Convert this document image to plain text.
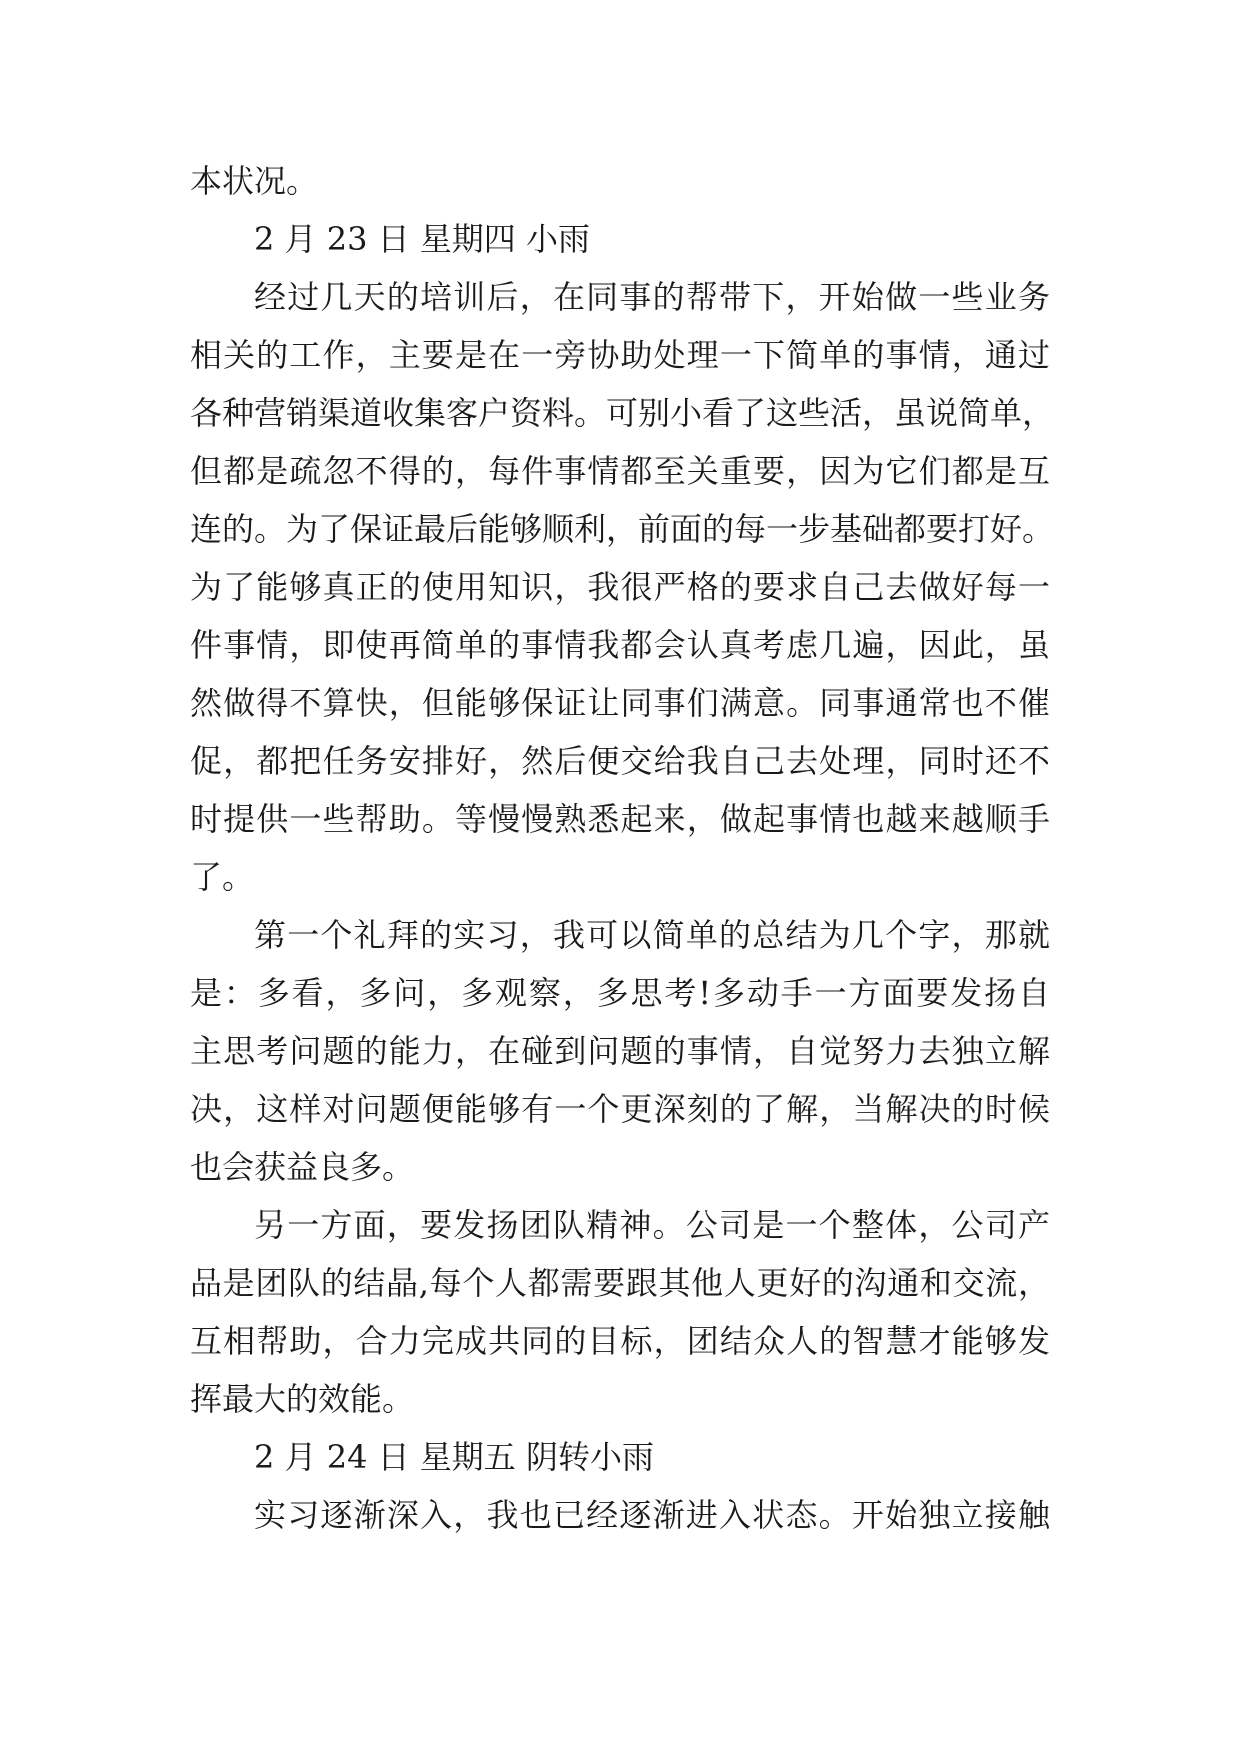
本状况。
2 月 23 日 星期四 小雨
经过几天的培训后，在同事的帮带下，开始做一些业务
相关的工作，主要是在一旁协助处理一下简单的事情，通过
各种营销渠道收集客户资料。可别小看了这些活，虽说简单，
但都是疏忽不得的，每件事情都至关重要，因为它们都是互
连的。为了保证最后能够顺利，前面的每一步基础都要打好。
为了能够真正的使用知识，我很严格的要求自己去做好每一
件事情，即使再简单的事情我都会认真考虑几遍，因此，虽
然做得不算快，但能够保证让同事们满意。同事通常也不催
促，都把任务安排好，然后便交给我自己去处理，同时还不
时提供一些帮助。等慢慢熟悉起来，做起事情也越来越顺手
了。
第一个礼拜的实习，我可以简单的总结为几个字，那就
是：多看，多问，多观察，多思考!多动手一方面要发扬自
主思考问题的能力，在碰到问题的事情，自觉努力去独立解
决，这样对问题便能够有一个更深刻的了解，当解决的时候
也会获益良多。
另一方面，要发扬团队精神。公司是一个整体，公司产
品是团队的结晶,每个人都需要跟其他人更好的沟通和交流，
互相帮助，合力完成共同的目标，团结众人的智慧才能够发
挥最大的效能。
2 月 24 日 星期五 阴转小雨
实习逐渐深入，我也已经逐渐进入状态。开始独立接触
